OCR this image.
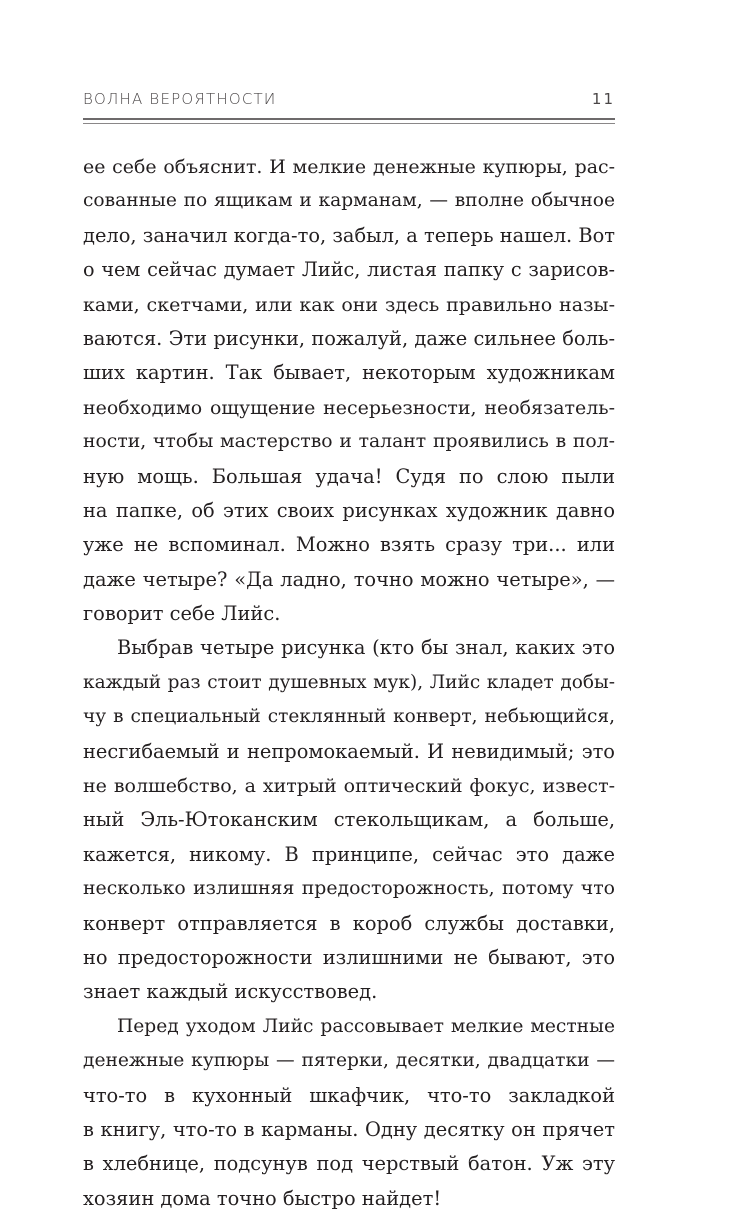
ВОЛНА ВЕРОЯТНОСТИ	11
ее себе объяснит. И мелкие денежные купюры, рас-
сованные по ящикам и карманам, — вполне обычное
дело, заначил когда-то, забыл, а теперь нашел. Вот
о чем сейчас думает Лийс, листая папку с зарисов-
ками, скетчами, или как они здесь правильно назы-
ваются. Эти рисунки, пожалуй, даже сильнее боль-
ших картин. Так бывает, некоторым художникам
необходимо ощущение несерьезности, необязатель-
ности, чтобы мастерство и талант проявились в пол-
ную мощь. Большая удача! Судя по слою пыли
на папке, об этих своих рисунках художник давно
уже не вспоминал. Можно взять сразу три... или
даже четыре? «Да ладно, точно можно четыре», —
говорит себе Лийс.
Выбрав четыре рисунка (кто бы знал, каких это
каждый раз стоит душевных мук), Лийс кладет добы-
чу в специальный стеклянный конверт, небьющийся,
несгибаемый и непромокаемый. И невидимый; это
не волшебство, а хитрый оптический фокус, извест-
ный Эль-Ютоканским стекольщикам, а больше,
кажется, никому. В принципе, сейчас это даже
несколько излишняя предосторожность, потому что
конверт отправляется в короб службы доставки,
но предосторожности излишними не бывают, это
знает каждый искусствовед.
Перед уходом Лийс рассовывает мелкие местные
денежные купюры — пятерки, десятки, двадцатки —
что-то в кухонный шкафчик, что-то закладкой
в книгу, что-то в карманы. Одну десятку он прячет
в хлебнице, подсунув под черствый батон. Уж эту
хозяин дома точно быстро найдет!
